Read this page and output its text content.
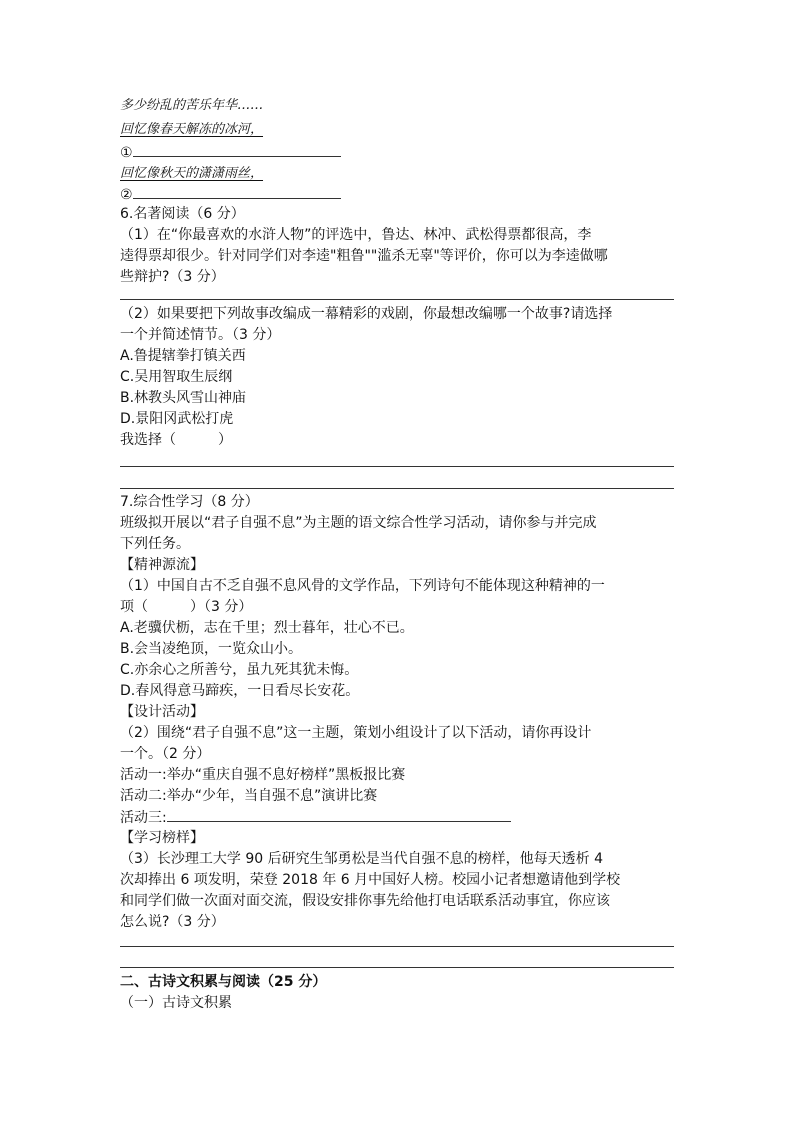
多少纷乱的苦乐年华……
回忆像春天解冻的冰河，
①
回忆像秋天的潇潇雨丝，
②
6.名著阅读（6 分）
（1）在“你最喜欢的水浒人物”的评选中，鲁达、林冲、武松得票都很高，李
逵得票却很少。针对同学们对李逵"粗鲁""滥杀无辜"等评价，你可以为李逵做哪
些辩护?（3 分）
（2）如果要把下列故事改编成一幕精彩的戏剧，你最想改编哪一个故事?请选择
一个并简述情节。（3 分）
A.鲁提辖拳打镇关西
C.吴用智取生辰纲
B.林教头风雪山神庙
D.景阳冈武松打虎
我选择（　　　）
7.综合性学习（8 分）
班级拟开展以“君子自强不息”为主题的语文综合性学习活动，请你参与并完成
下列任务。
【精神源流】
（1）中国自古不乏自强不息风骨的文学作品，下列诗句不能体现这种精神的一
项（　　　）（3 分）
A.老骥伏枥，志在千里；烈士暮年，壮心不已。
B.会当凌绝顶，一览众山小。
C.亦余心之所善兮，虽九死其犹未悔。
D.春风得意马蹄疾，一日看尽长安花。
【设计活动】
（2）围绕“君子自强不息”这一主题，策划小组设计了以下活动，请你再设计
一个。（2 分）
活动一:举办“重庆自强不息好榜样”黑板报比赛
活动二:举办“少年，当自强不息”演讲比赛
活动三:
【学习榜样】
（3）长沙理工大学 90 后研究生邹勇松是当代自强不息的榜样，他每天透析 4
次却捧出 6 项发明，荣登 2018 年 6 月中国好人榜。校园小记者想邀请他到学校
和同学们做一次面对面交流，假设安排你事先给他打电话联系活动事宜，你应该
怎么说?（3 分）
二、古诗文积累与阅读（25 分）
（一）古诗文积累
